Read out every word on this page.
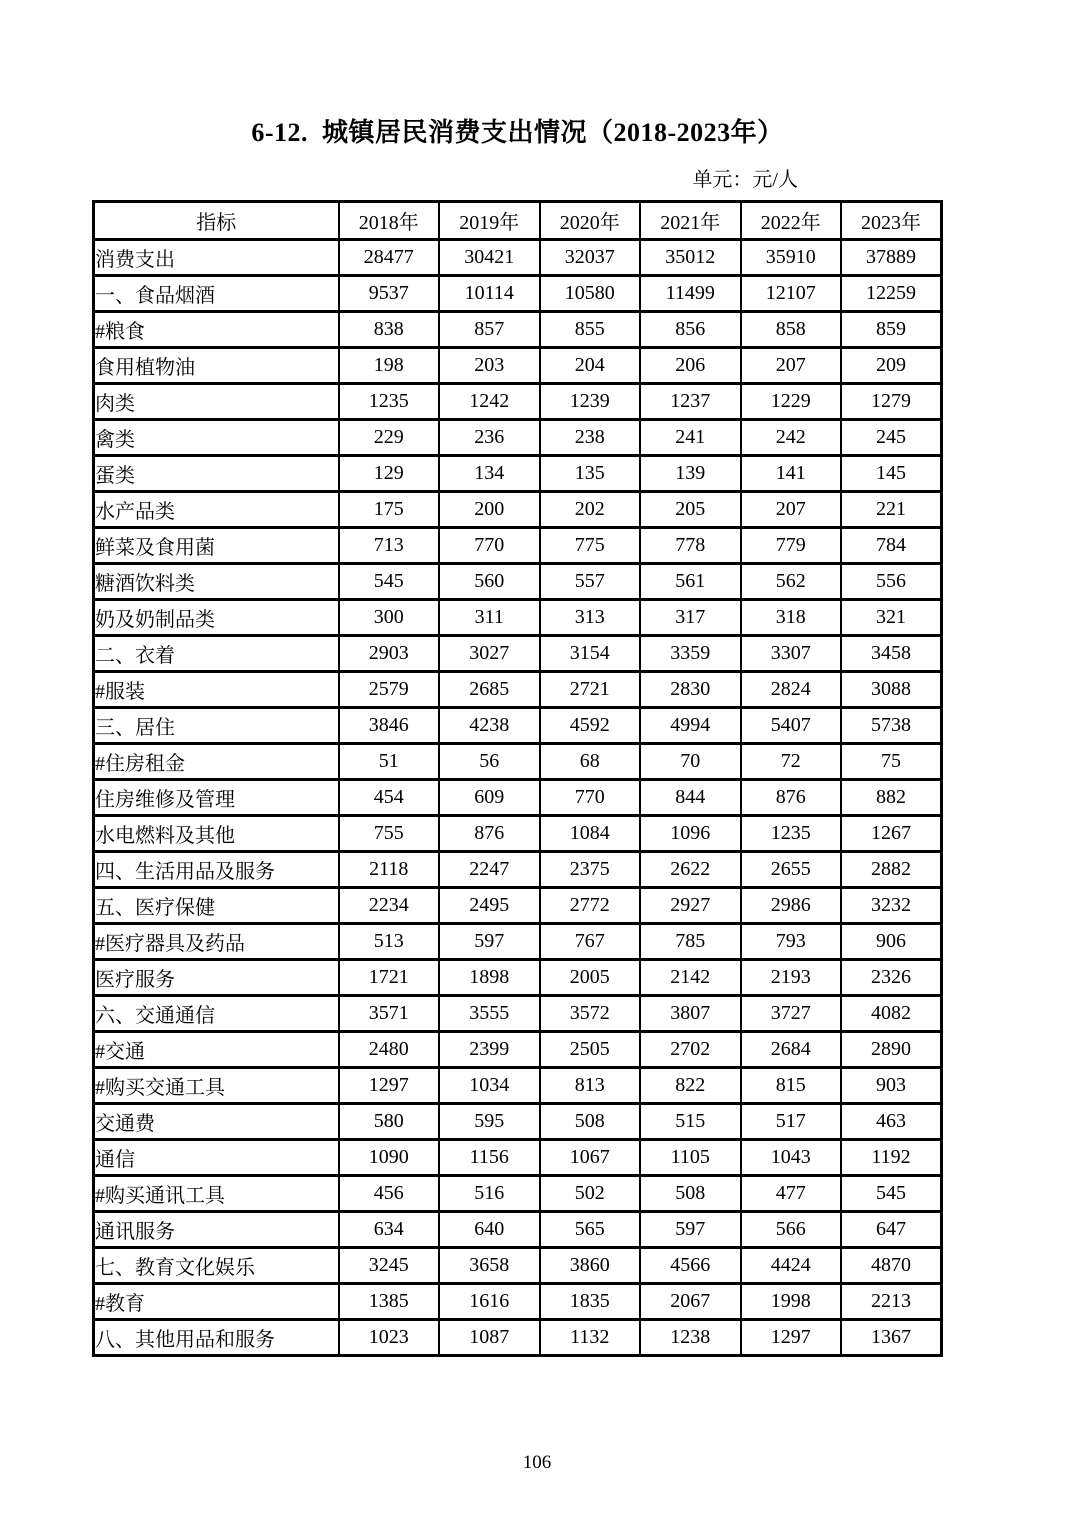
6-12.  城镇居民消费支出情况（2018-2023年）
单元：元/人
指标	2018年	2019年	2020年	2021年	2022年	2023年
消费支出	28477	30421	32037	35012	35910	37889
一、食品烟酒	9537	10114	10580	11499	12107	12259
#粮食	838	857	855	856	858	859
食用植物油	198	203	204	206	207	209
肉类	1235	1242	1239	1237	1229	1279
禽类	229	236	238	241	242	245
蛋类	129	134	135	139	141	145
水产品类	175	200	202	205	207	221
鲜菜及食用菌	713	770	775	778	779	784
糖酒饮料类	545	560	557	561	562	556
奶及奶制品类	300	311	313	317	318	321
二、衣着	2903	3027	3154	3359	3307	3458
#服装	2579	2685	2721	2830	2824	3088
三、居住	3846	4238	4592	4994	5407	5738
#住房租金	51	56	68	70	72	75
住房维修及管理	454	609	770	844	876	882
水电燃料及其他	755	876	1084	1096	1235	1267
四、生活用品及服务	2118	2247	2375	2622	2655	2882
五、医疗保健	2234	2495	2772	2927	2986	3232
#医疗器具及药品	513	597	767	785	793	906
医疗服务	1721	1898	2005	2142	2193	2326
六、交通通信	3571	3555	3572	3807	3727	4082
#交通	2480	2399	2505	2702	2684	2890
#购买交通工具	1297	1034	813	822	815	903
交通费	580	595	508	515	517	463
通信	1090	1156	1067	1105	1043	1192
#购买通讯工具	456	516	502	508	477	545
通讯服务	634	640	565	597	566	647
七、教育文化娱乐	3245	3658	3860	4566	4424	4870
#教育	1385	1616	1835	2067	1998	2213
八、其他用品和服务	1023	1087	1132	1238	1297	1367
106
